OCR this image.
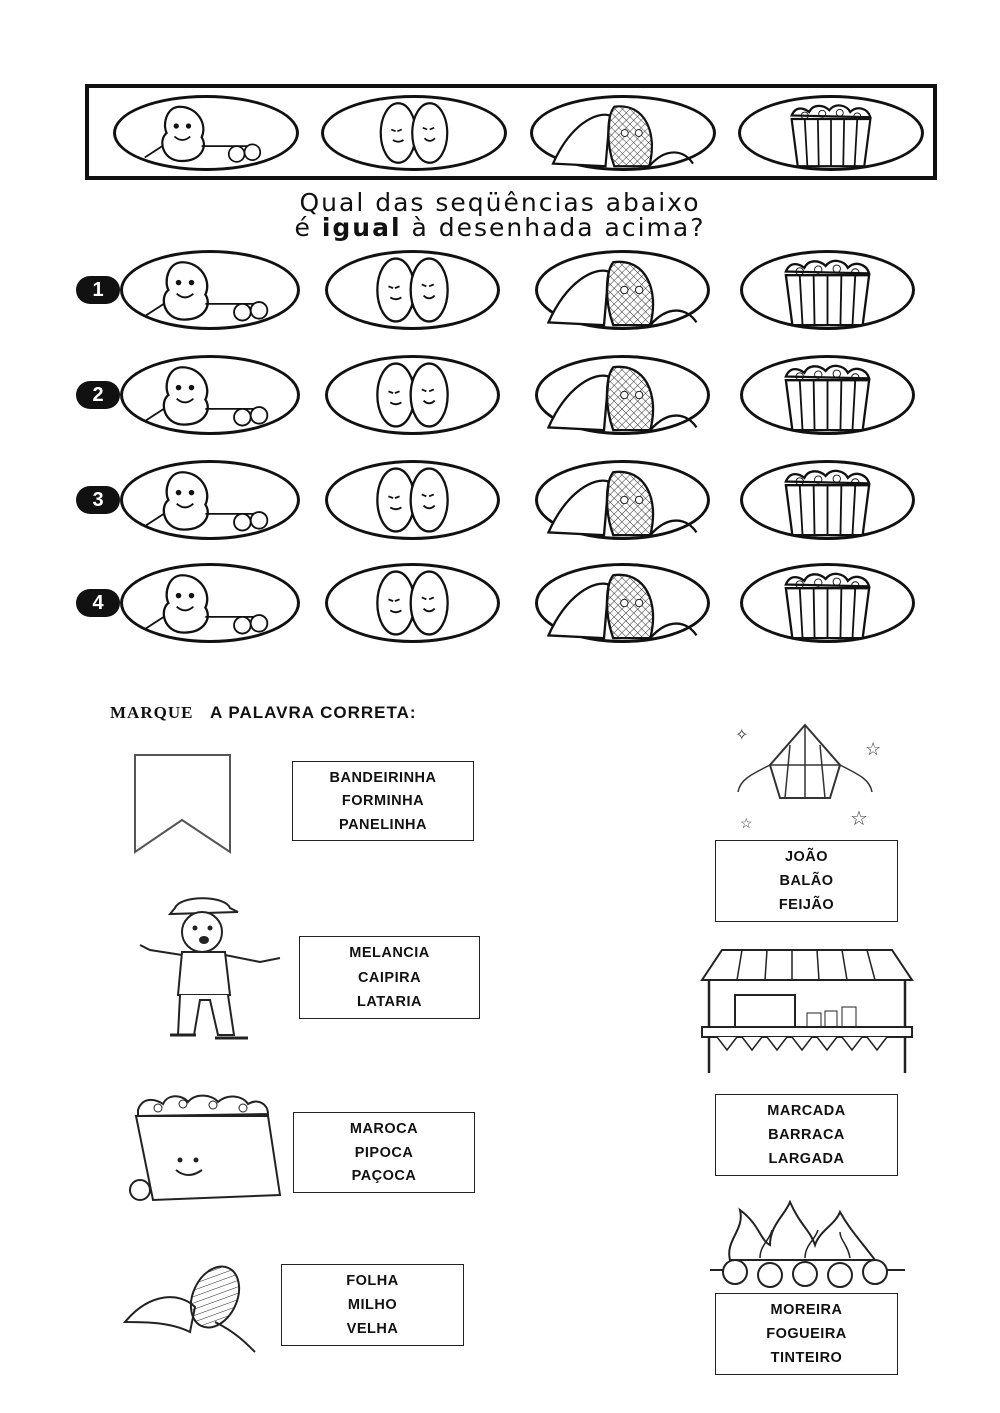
Qual das seqüências abaixo
é igual à desenhada acima?
1
2
3
4
MARQUE A PALAVRA CORRETA:
✧
☆
☆	☆
BANDEIRINHA
FORMINHA
PANELINHA
MELANCIA
CAIPIRA
LATARIA
MAROCA
PIPOCA
PAÇOCA
FOLHA
MILHO
VELHA
JOÃO
BALÃO
FEIJÃO
MARCADA
BARRACA
LARGADA
MOREIRA
FOGUEIRA
TINTEIRO
